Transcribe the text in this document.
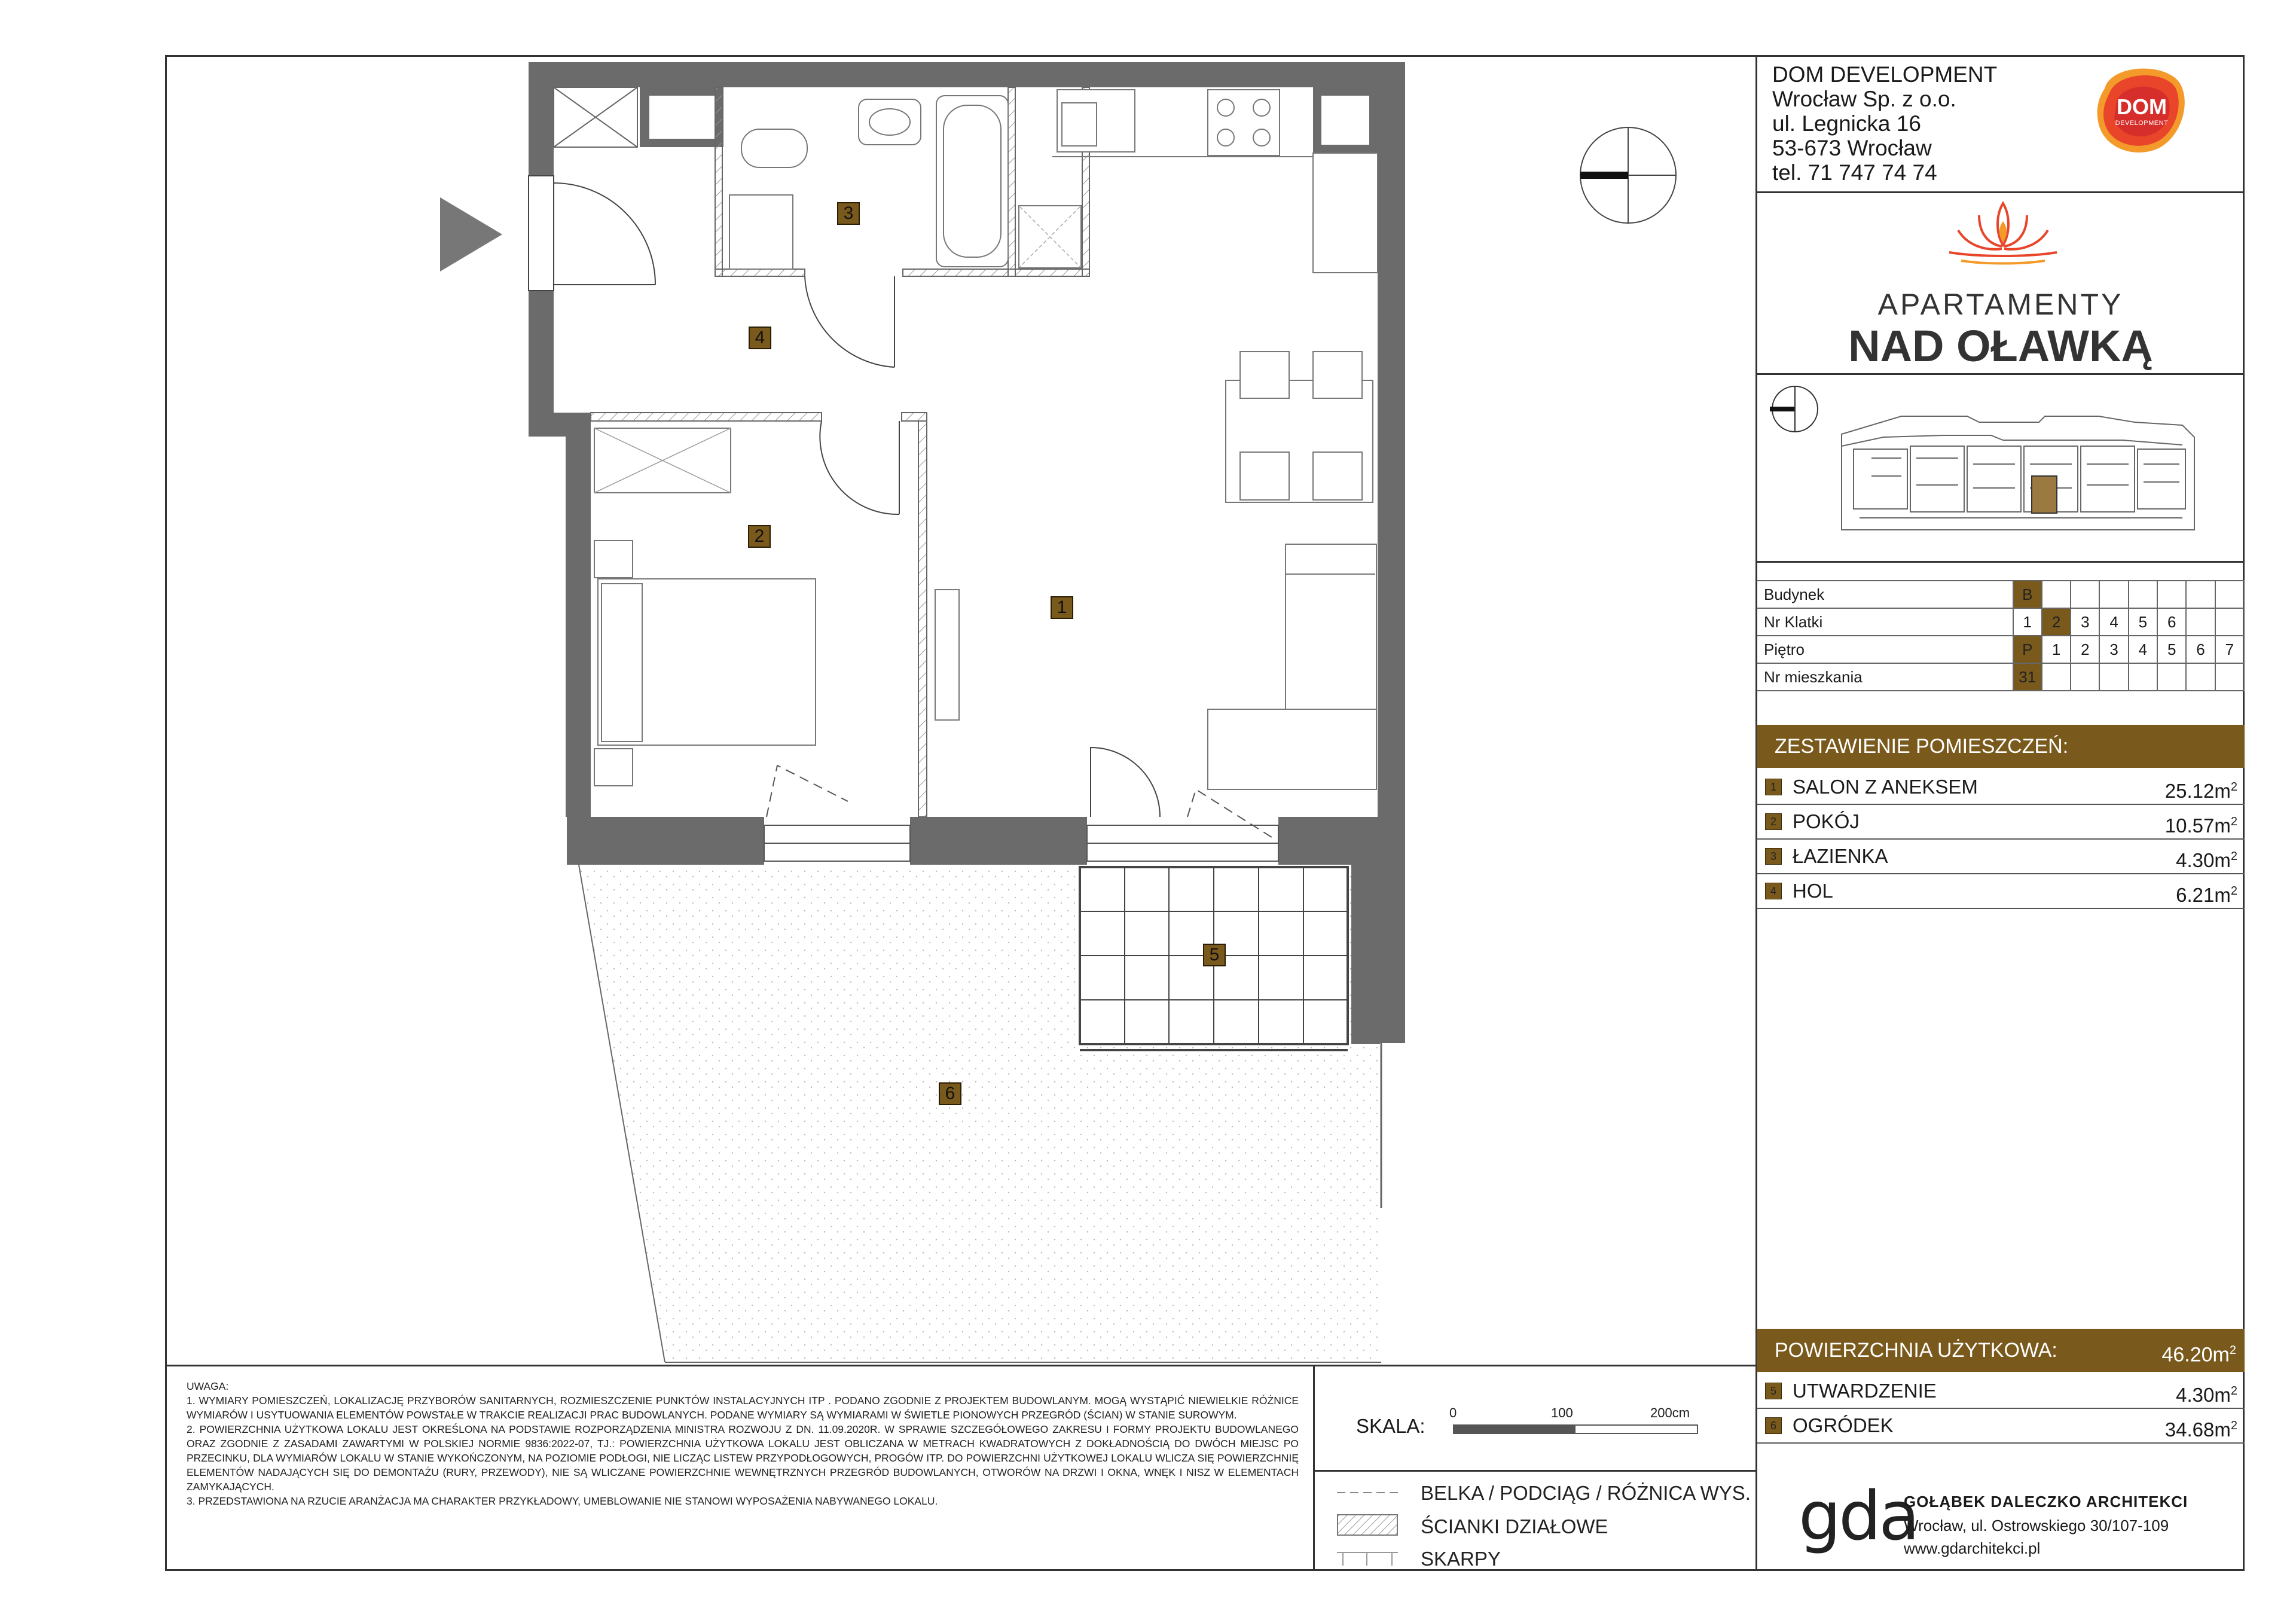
DOM DEVELOPMENT
Wrocław Sp. z o.o.
ul. Legnicka 16
53-673 Wrocław
tel. 71 747 74 74
DOM
DEVELOPMENT
APARTAMENTY
NAD OŁAWKĄ
Budynek	B							
Nr Klatki	1	2	3	4	5	6		
Piętro	P	1	2	3	4	5	6	7
Nr mieszkania	31							
ZESTAWIENIE POMIESZCZEŃ:
1 SALON Z ANEKSEM	$25.12m^2$
2 POKÓJ	$10.57m^2$
3 ŁAZIENKA	$4.30m^2$
4 HOL	$6.21m^2$
POWIERZCHNIA UŻYTKOWA:	$46.20m^2$
5 UTWARDZENIE	$4.30m^2$
6 OGRÓDEK	$34.68m^2$
1
2
3
4
5
6

UWAGA:

1. WYMIARY POMIESZCZEŃ, LOKALIZACJĘ PRZYBORÓW SANITARNYCH, ROZMIESZCZENIE PUNKTÓW INSTALACYJNYCH ITP . PODANO ZGODNIE Z PROJEKTEM BUDOWLANYM. MOGĄ WYSTĄPIĆ NIEWIELKIE RÓŻNICE WYMIARÓW I USYTUOWANIA ELEMENTÓW POWSTAŁE W TRAKCIE REALIZACJI PRAC BUDOWLANYCH. PODANE WYMIARY SĄ WYMIARAMI W ŚWIETLE PIONOWYCH PRZEGRÓD (ŚCIAN) W STANIE SUROWYM.

2. POWIERZCHNIA UŻYTKOWA LOKALU JEST OKREŚLONA NA PODSTAWIE ROZPORZĄDZENIA MINISTRA ROZWOJU Z DN. 11.09.2020R. W SPRAWIE SZCZEGÓŁOWEGO ZAKRESU I FORMY PROJEKTU BUDOWLANEGO ORAZ ZGODNIE Z ZASADAMI ZAWARTYMI W POLSKIEJ NORMIE 9836:2022-07, TJ.: POWIERZCHNIA UŻYTKOWA LOKALU JEST OBLICZANA W METRACH KWADRATOWYCH Z DOKŁADNOŚCIĄ DO DWÓCH MIEJSC PO PRZECINKU, DLA WYMIARÓW LOKALU W STANIE WYKOŃCZONYM, NA POZIOMIE PODŁOGI, NIE LICZĄC LISTEW PRZYPODŁOGOWYCH, PROGÓW ITP. DO POWIERZCHNI UŻYTKOWEJ LOKALU WLICZA SIĘ POWIERZCHNIĘ ELEMENTÓW NADAJĄCYCH SIĘ DO DEMONTAŻU (RURY, PRZEWODY), NIE SĄ WLICZANE POWIERZCHNIE WEWNĘTRZNYCH PRZEGRÓD BUDOWLANYCH, OTWORÓW NA DRZWI I OKNA, WNĘK I NISZ W ELEMENTACH ZAMYKAJĄCYCH.

3. PRZEDSTAWIONA NA RZUCIE ARANŻACJA MA CHARAKTER PRZYKŁADOWY, UMEBLOWANIE NIE STANOWI WYPOSAŻENIA NABYWANEGO LOKALU.

SKALA:
0	100	200cm
BELKA / PODCIĄG / RÓŻNICA WYS.
ŚCIANKI DZIAŁOWE
SKARPY
gda
GOŁĄBEK DALECZKO ARCHITEKCI
Wrocław, ul. Ostrowskiego 30/107-109
www.gdarchitekci.pl
